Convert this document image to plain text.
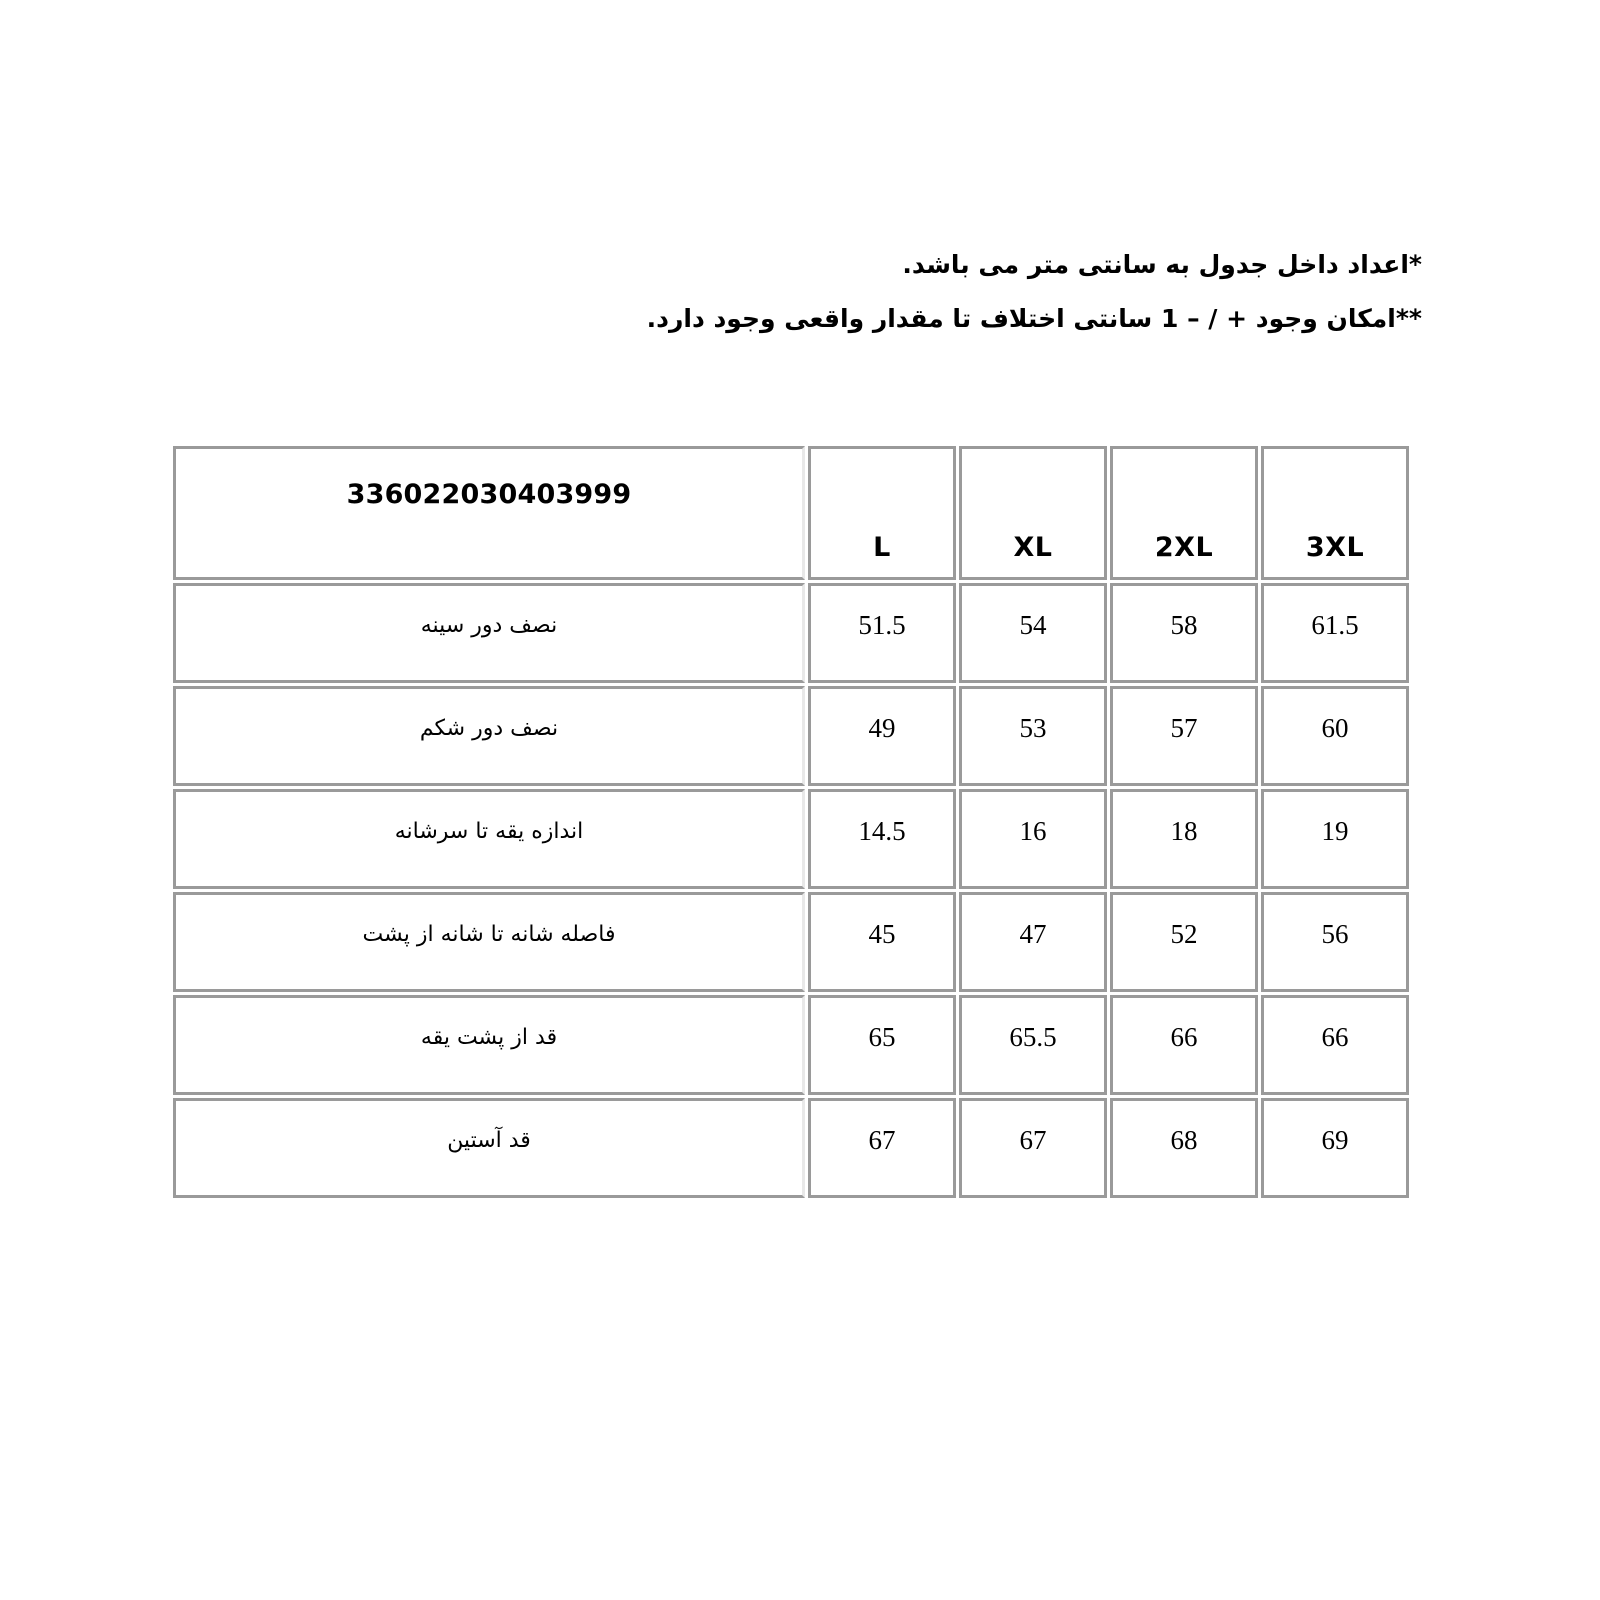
*اعداد داخل جدول به سانتی متر می باشد.
**امکان وجود + / – 1 سانتی اختلاف تا مقدار واقعی وجود دارد.
3XL	2XL	XL	L	336022030403999

61.5	58	54	51.5	نصف دور سینه

60	57	53	49	نصف دور شکم

19	18	16	14.5	اندازه یقه تا سرشانه

56	52	47	45	فاصله شانه تا شانه از پشت

66	66	65.5	65	قد از پشت یقه

69	68	67	67	قد آستین
